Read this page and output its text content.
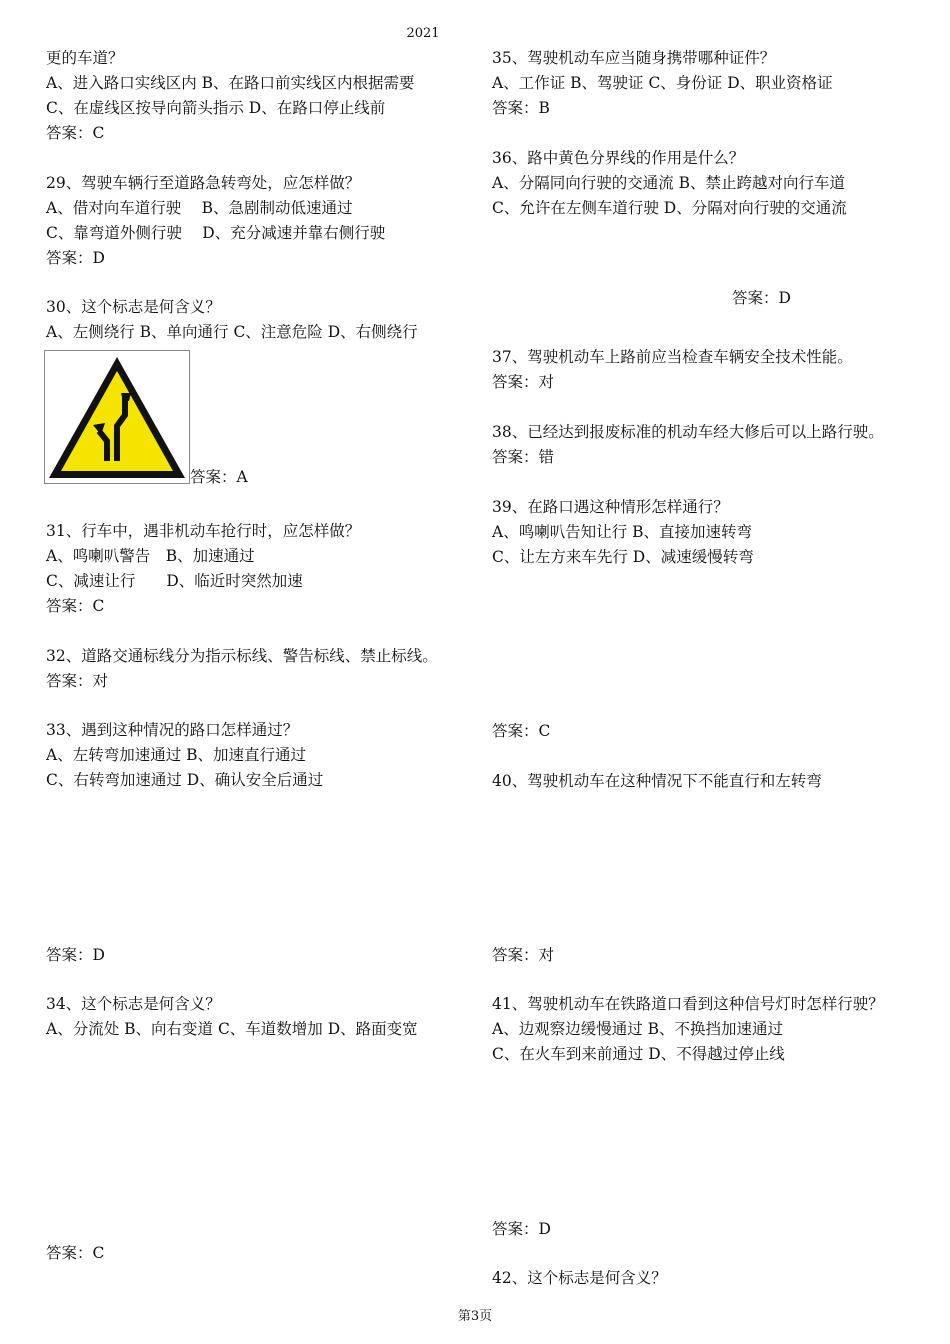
2021
更的车道？
A、进入路口实线区内 B、在路口前实线区内根据需要
C、在虚线区按导向箭头指示 D、在路口停止线前
答案：C
29、驾驶车辆行至道路急转弯处，应怎样做？
A、借对向车道行驶　 B、急剧制动低速通过
C、靠弯道外侧行驶　 D、充分减速并靠右侧行驶
答案：D
30、这个标志是何含义？
A、左侧绕行 B、单向通行 C、注意危险 D、右侧绕行
31、行车中，遇非机动车抢行时，应怎样做？
A、鸣喇叭警告　B、加速通过
C、减速让行　　D、临近时突然加速
答案：C
32、道路交通标线分为指示标线、警告标线、禁止标线。
答案：对
33、遇到这种情况的路口怎样通过？
A、左转弯加速通过 B、加速直行通过
C、右转弯加速通过 D、确认安全后通过
答案：D
34、这个标志是何含义？
A、分流处 B、向右变道 C、车道数增加 D、路面变宽
答案：C
答案：A
35、驾驶机动车应当随身携带哪种证件？
A、工作证 B、驾驶证 C、身份证 D、职业资格证
答案：B
36、路中黄色分界线的作用是什么？
A、分隔同向行驶的交通流 B、禁止跨越对向行车道
C、允许在左侧车道行驶 D、分隔对向行驶的交通流
37、驾驶机动车上路前应当检查车辆安全技术性能。
答案：对
38、已经达到报废标准的机动车经大修后可以上路行驶。
答案：错
39、在路口遇这种情形怎样通行？
A、鸣喇叭告知让行 B、直接加速转弯
C、让左方来车先行 D、减速缓慢转弯
答案：C
40、驾驶机动车在这种情况下不能直行和左转弯
答案：对
41、驾驶机动车在铁路道口看到这种信号灯时怎样行驶？
A、边观察边缓慢通过 B、不换挡加速通过
C、在火车到来前通过 D、不得越过停止线
答案：D
42、这个标志是何含义？
答案：D
第3页
